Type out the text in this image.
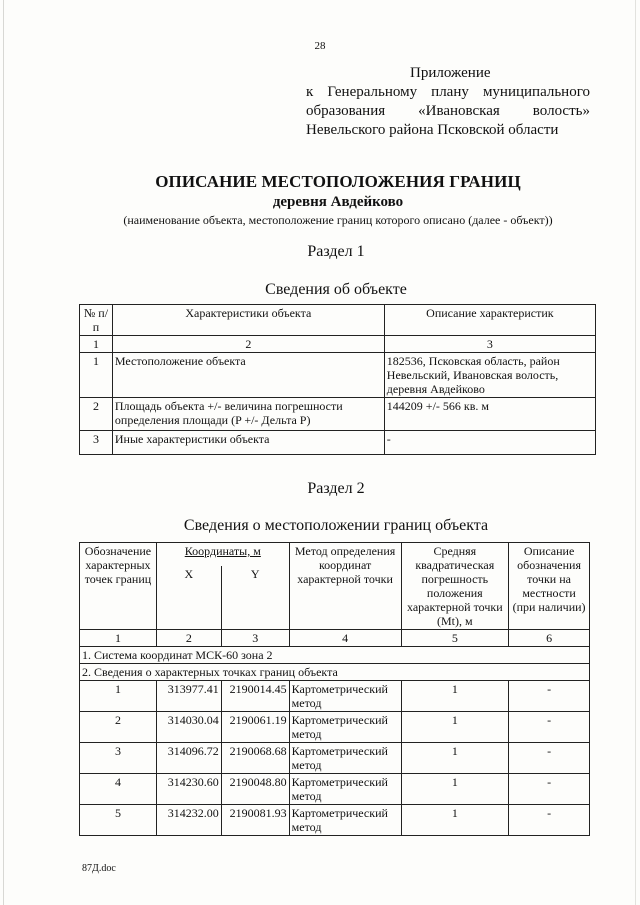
28
Приложение
к Генеральному плану муниципального
образования «Ивановская волость»
Невельского района Псковской области
ОПИСАНИЕ МЕСТОПОЛОЖЕНИЯ ГРАНИЦ
деревня Авдейково
(наименование объекта, местоположение границ которого описано (далее - объект))
Раздел 1
Сведения об объекте
№ п/п	Характеристики объекта	Описание характеристик
1	2	3
1	Местоположение объекта	182536, Псковская область, район Невельский, Ивановская волость, деревня Авдейково
2	Площадь объекта +/- величина погрешности определения площади (P +/- Дельта P)	144209 +/- 566 кв. м
3	Иные характеристики объекта	-
Раздел 2
Сведения о местоположении границ объекта
Обозначение характерных точек границ	Координаты, м		Метод определения координат характерной точки	Средняя квадратическая погрешность положения характерной точки (Mt), м	Описание обозначения точки на местности (при наличии)
	X	Y			
1	2	3	4	5	6
1. Система координат МСК-60 зона 2					
2. Сведения о характерных точках границ объекта					
1	313977.41	2190014.45	Картометрический метод	1	-
2	314030.04	2190061.19	Картометрический метод	1	-
3	314096.72	2190068.68	Картометрический метод	1	-
4	314230.60	2190048.80	Картометрический метод	1	-
5	314232.00	2190081.93	Картометрический метод	1	-
87Д.doc
